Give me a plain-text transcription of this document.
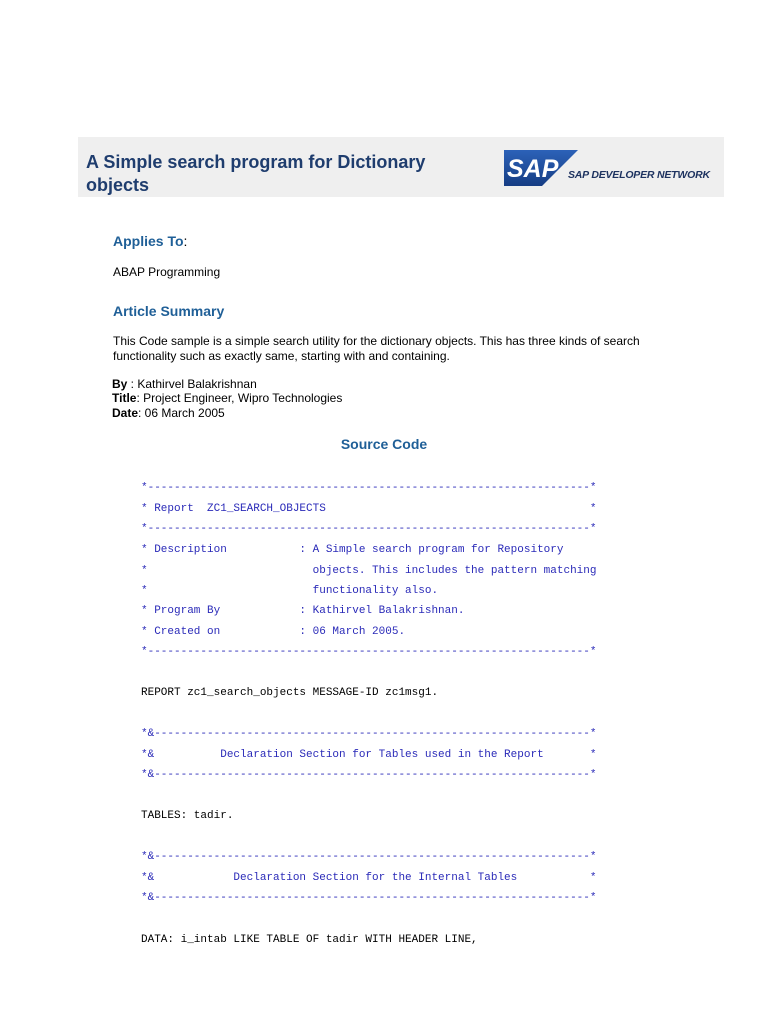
A Simple search program for Dictionary objects
SAP SAP DEVELOPER NETWORK
Applies To:

ABAP Programming

Article Summary

This Code sample is a simple search utility for the dictionary objects. This has three kinds of search functionality such as exactly same, starting with and containing.

By : Kathirvel Balakrishnan
Title: Project Engineer, Wipro Technologies
Date: 06 March 2005
Source Code
*-------------------------------------------------------------------*
* Report  ZC1_SEARCH_OBJECTS                                        *
*-------------------------------------------------------------------*
* Description           : A Simple search program for Repository
*                         objects. This includes the pattern matching
*                         functionality also.
* Program By            : Kathirvel Balakrishnan.
* Created on            : 06 March 2005.
*-------------------------------------------------------------------*
REPORT zc1_search_objects MESSAGE-ID zc1msg1.
*&------------------------------------------------------------------*
*&          Declaration Section for Tables used in the Report       *
*&------------------------------------------------------------------*
TABLES: tadir.
*&------------------------------------------------------------------*
*&            Declaration Section for the Internal Tables           *
*&------------------------------------------------------------------*
DATA: i_intab LIKE TABLE OF tadir WITH HEADER LINE,
